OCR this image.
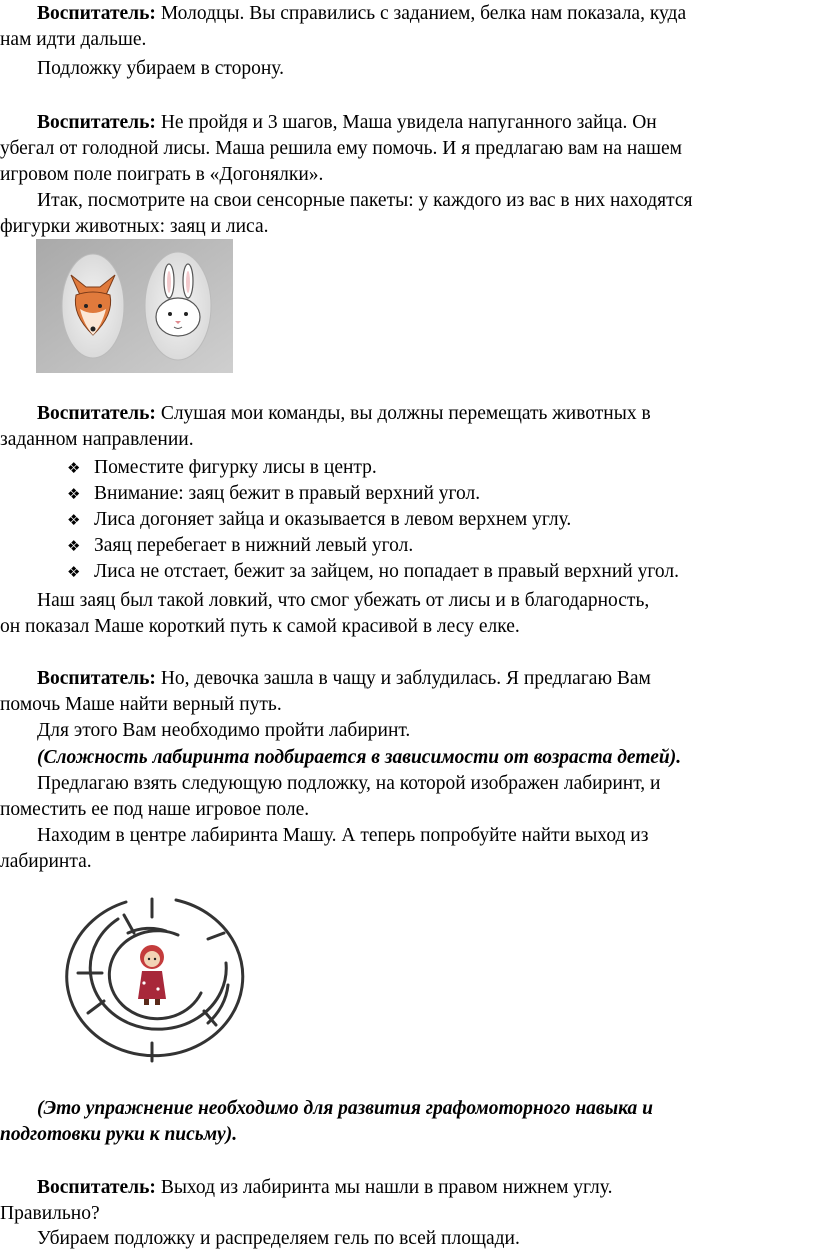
Воспитатель: Молодцы. Вы справились с заданием, белка нам показала, куда
нам идти дальше.
Подложку убираем в сторону.
Воспитатель: Не пройдя и 3 шагов, Маша увидела напуганного зайца. Он
убегал от голодной лисы. Маша решила ему помочь. И я предлагаю вам на нашем
игровом поле поиграть в «Догонялки».
Итак, посмотрите на свои сенсорные пакеты: у каждого из вас в них находятся
фигурки животных: заяц и лиса.
Воспитатель: Слушая мои команды, вы должны перемещать животных в
заданном направлении.
❖ Поместите фигурку лисы в центр.
❖ Внимание: заяц бежит в правый верхний угол.
❖ Лиса догоняет зайца и оказывается в левом верхнем углу.
❖ Заяц перебегает в нижний левый угол.
❖ Лиса не отстает, бежит за зайцем, но попадает в правый верхний угол.
Наш заяц был такой ловкий, что смог убежать от лисы и в благодарность,
он показал Маше короткий путь к самой красивой в лесу елке.
Воспитатель: Но, девочка зашла в чащу и заблудилась. Я предлагаю Вам
помочь Маше найти верный путь.
Для этого Вам необходимо пройти лабиринт.
(Сложность лабиринта подбирается в зависимости от возраста детей).
Предлагаю взять следующую подложку, на которой изображен лабиринт, и
поместить ее под наше игровое поле.
Находим в центре лабиринта Машу. А теперь попробуйте найти выход из
лабиринта.
(Это упражнение необходимо для развития графомоторного навыка и
подготовки руки к письму).
Воспитатель: Выход из лабиринта мы нашли в правом нижнем углу.
Правильно?
Убираем подложку и распределяем гель по всей площади.
